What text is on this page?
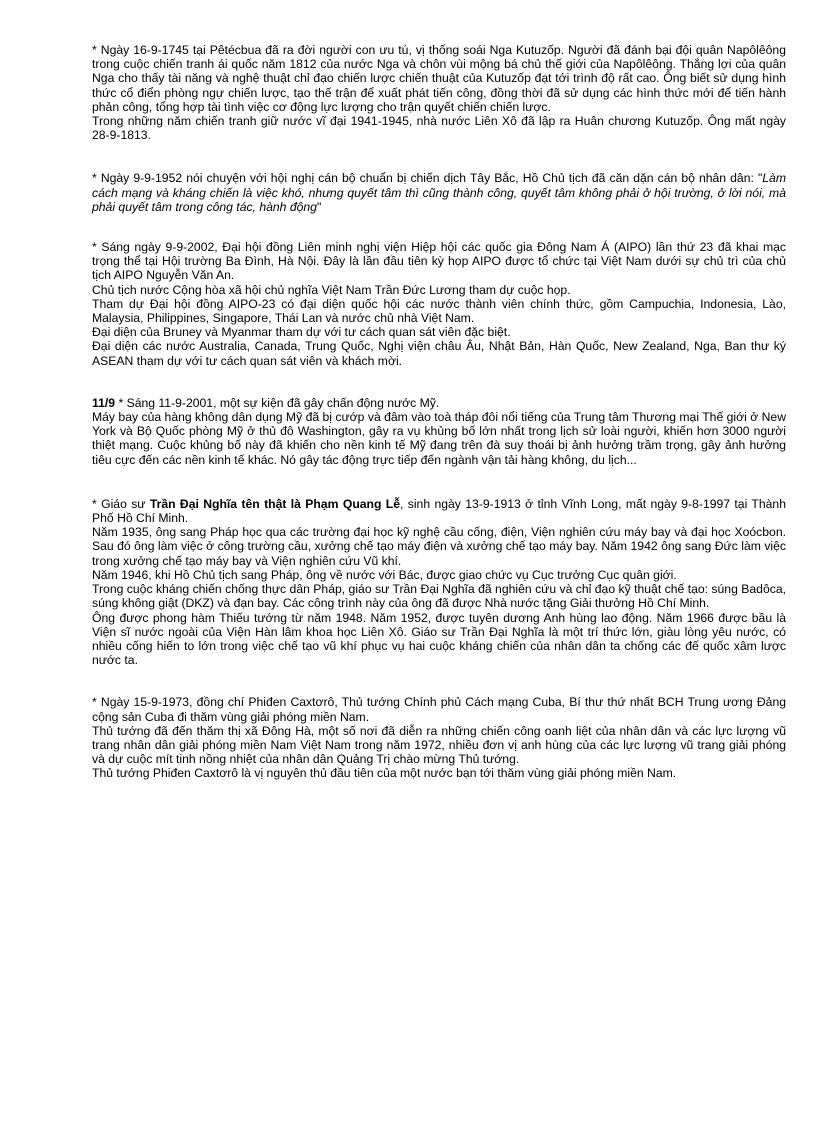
* Ngày 16-9-1745 tại Pêtécbua đã ra đời người con ưu tú, vị thống soái Nga Kutuzốp. Người đã đánh bại đội quân Napôlêông trong cuộc chiến tranh ái quốc năm 1812 của nước Nga và chôn vùi mộng bá chủ thế giới của Napôlêông. Thắng lợi của quân Nga cho thấy tài năng và nghệ thuật chỉ đạo chiến lược chiến thuật của Kutuzốp đạt tới trình độ rất cao. Ông biết sử dụng hình thức cổ điển phòng ngự chiến lược, tạo thế trận để xuất phát tiến công, đồng thời đã sử dụng các hình thức mới để tiến hành phản công, tổng hợp tài tình việc cơ động lực lượng cho trận quyết chiến chiến lược.

Trong những năm chiến tranh giữ nước vĩ đại 1941-1945, nhà nước Liên Xô đã lập ra Huân chương Kutuzốp. Ông mất ngày 28-9-1813.

* Ngày 9-9-1952 nói chuyện với hội nghị cán bộ chuẩn bị chiến dịch Tây Bắc, Hồ Chủ tịch đã căn dặn cán bộ nhân dân: "Làm cách mạng và kháng chiến là việc khó, nhưng quyết tâm thì cũng thành công, quyết tâm không phải ở hội trường, ở lời nói, mà phải quyết tâm trong công tác, hành động"

* Sáng ngày 9-9-2002, Đại hội đồng Liên minh nghị viện Hiệp hội các quốc gia Đông Nam Á (AIPO) lần thứ 23 đã khai mạc trọng thể tại Hội trường Ba Đình, Hà Nội. Đây là lần đầu tiên kỳ họp AIPO được tổ chức tại Việt Nam dưới sự chủ trì của chủ tịch AIPO Nguyễn Văn An.

Chủ tịch nước Cộng hòa xã hội chủ nghĩa Việt Nam Trần Đức Lương tham dự cuộc họp.

Tham dự Đại hội đồng AIPO-23 có đại diện quốc hội các nước thành viên chính thức, gồm Campuchia, Indonesia, Lào, Malaysia, Philippines, Singapore, Thái Lan và nước chủ nhà Việt Nam.

Đại diện của Bruney và Myanmar tham dự với tư cách quan sát viên đặc biệt.

Đại diện các nước Australia, Canada, Trung Quốc, Nghị viện châu Âu, Nhật Bản, Hàn Quốc, New Zealand, Nga, Ban thư ký ASEAN tham dự với tư cách quan sát viên và khách mời.

11/9 * Sáng 11-9-2001, một sự kiện đã gây chấn động nước Mỹ.

Máy bay của hàng không dân dụng Mỹ đã bị cướp và đâm vào toà tháp đôi nổi tiếng của Trung tâm Thương mại Thế giới ở New York và Bộ Quốc phòng Mỹ ở thủ đô Washington, gây ra vụ khủng bố lớn nhất trong lịch sử loài người, khiến hơn 3000 người thiệt mạng. Cuộc khủng bố này đã khiến cho nền kinh tế Mỹ đang trên đà suy thoái bị ảnh hưởng trầm trọng, gây ảnh hưởng tiêu cực đến các nền kinh tế khác. Nó gây tác động trực tiếp đến ngành vận tải hàng không, du lịch...

* Giáo sư Trần Đại Nghĩa tên thật là Phạm Quang Lễ, sinh ngày 13-9-1913 ở tỉnh Vĩnh Long, mất ngày 9-8-1997 tại Thành Phố Hồ Chí Minh.

Năm 1935, ông sang Pháp học qua các trường đại học kỹ nghệ cầu cống, điện, Viện nghiên cứu máy bay và đại học Xoócbon. Sau đó ông làm việc ở công trường cầu, xưởng chế tạo máy điện và xưởng chế tạo máy bay. Năm 1942 ông sang Đức làm việc trong xưởng chế tạo máy bay và Viện nghiên cứu Vũ khí.

Năm 1946, khi Hồ Chủ tịch sang Pháp, ông về nước với Bác, được giao chức vụ Cục trưởng Cục quân giới.

Trong cuộc kháng chiến chống thực dân Pháp, giáo sư Trần Đại Nghĩa đã nghiên cứu và chỉ đạo kỹ thuật chế tạo: súng Badôca, súng không giật (DKZ) và đạn bay. Các công trình này của ông đã được Nhà nước tặng Giải thưởng Hồ Chí Minh.

Ông được phong hàm Thiếu tướng từ năm 1948. Năm 1952, được tuyên dương Anh hùng lao động. Năm 1966 được bầu là Viện sĩ nước ngoài của Viện Hàn lâm khoa học Liên Xô. Giáo sư Trần Đại Nghĩa là một trí thức lớn, giàu lòng yêu nước, có nhiều cống hiến to lớn trong việc chế tạo vũ khí phục vụ hai cuộc kháng chiến của nhân dân ta chống các đế quốc xâm lược nước ta.

* Ngày 15-9-1973, đồng chí Phiđen Caxtơrô, Thủ tướng Chính phủ Cách mạng Cuba, Bí thư thứ nhất BCH Trung ương Đảng cộng sản Cuba đi thăm vùng giải phóng miền Nam.

Thủ tướng đã đến thăm thị xã Đông Hà, một số nơi đã diễn ra những chiến công oanh liệt của nhân dân và các lực lượng vũ trang nhân dân giải phóng miền Nam Việt Nam trong năm 1972, nhiều đơn vị anh hùng của các lực lượng vũ trang giải phóng và dự cuộc mít tinh nồng nhiệt của nhân dân Quảng Trị chào mừng Thủ tướng.

Thủ tướng Phiđen Caxtơrô là vị nguyên thủ đầu tiên của một nước bạn tới thăm vùng giải phóng miền Nam.
